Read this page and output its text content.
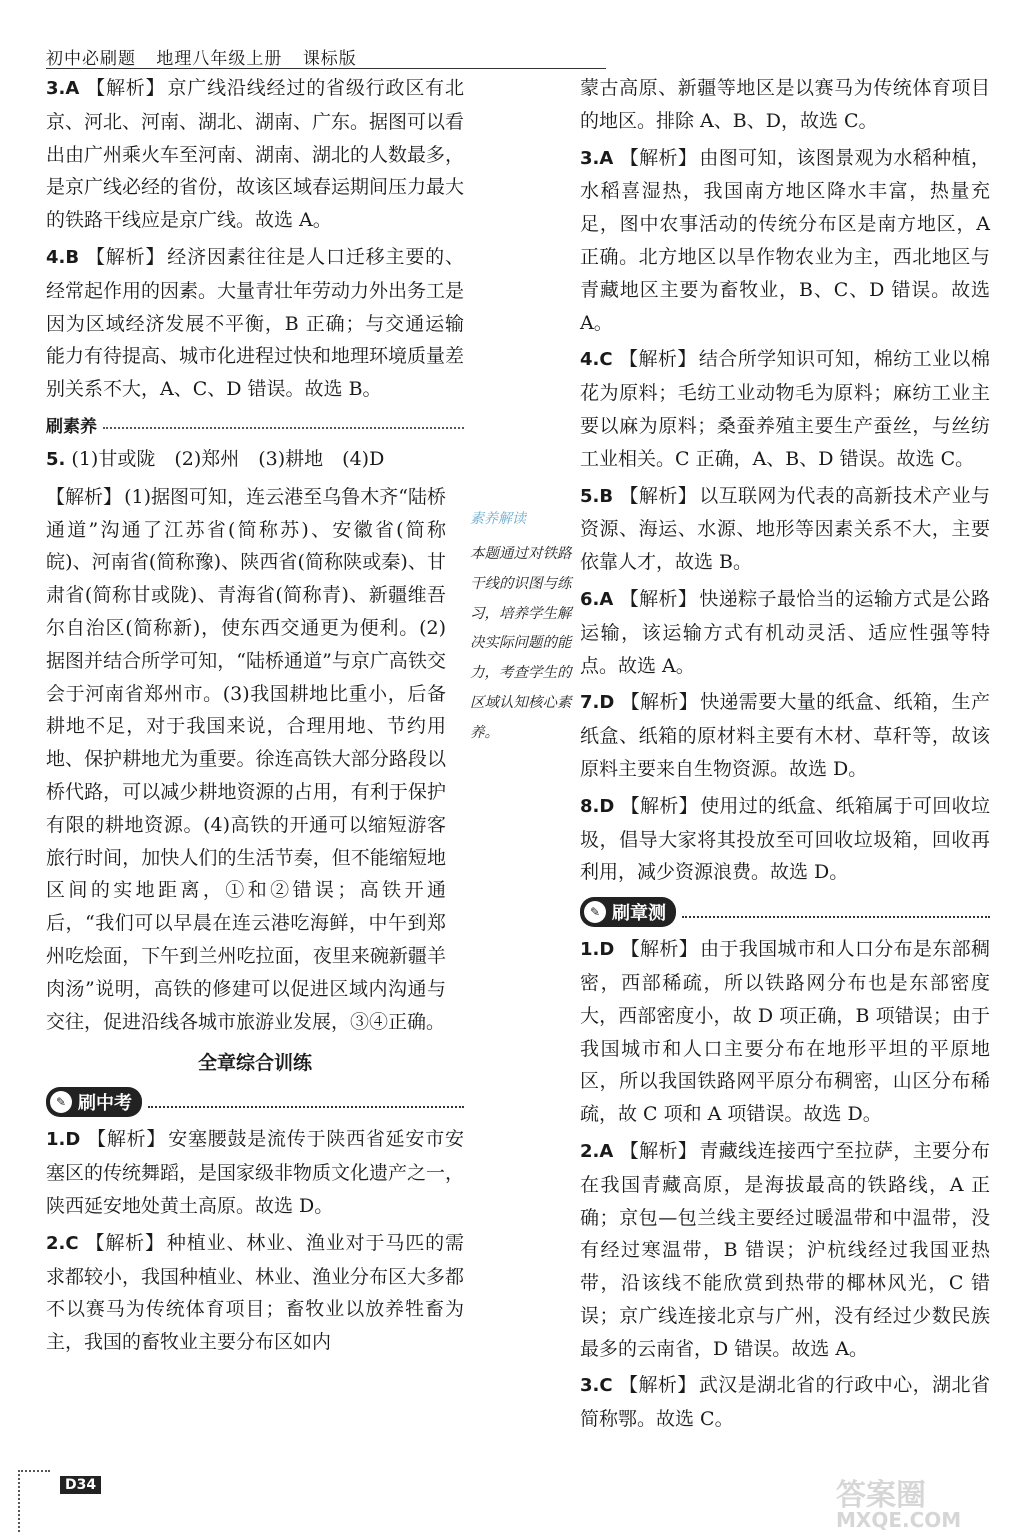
初中必刷题 地理八年级上册 课标版

3.A 【解析】 京广线沿线经过的省级行政区有北京、河北、河南、湖北、湖南、广东。据图可以看出由广州乘火车至河南、湖南、湖北的人数最多，是京广线必经的省份，故该区域春运期间压力最大的铁路干线应是京广线。故选 A。

4.B 【解析】 经济因素往往是人口迁移主要的、经常起作用的因素。大量青壮年劳动力外出务工是因为区域经济发展不平衡，B 正确；与交通运输能力有待提高、城市化进程过快和地理环境质量差别关系不大，A、C、D 错误。故选 B。

刷素养

5. (1)甘或陇　(2)郑州　(3)耕地　(4)D

【解析】 (1)据图可知，连云港至乌鲁木齐“陆桥通道”沟通了江苏省(简称苏)、安徽省(简称皖)、河南省(简称豫)、陕西省(简称陕或秦)、甘肃省(简称甘或陇)、青海省(简称青)、新疆维吾尔自治区(简称新)，使东西交通更为便利。(2)据图并结合所学可知，“陆桥通道”与京广高铁交会于河南省郑州市。(3)我国耕地比重小，后备耕地不足，对于我国来说，合理用地、节约用地、保护耕地尤为重要。徐连高铁大部分路段以桥代路，可以减少耕地资源的占用，有利于保护有限的耕地资源。(4)高铁的开通可以缩短游客旅行时间，加快人们的生活节奏，但不能缩短地区间的实地距离，①和②错误；高铁开通后，“我们可以早晨在连云港吃海鲜，中午到郑州吃烩面，下午到兰州吃拉面，夜里来碗新疆羊肉汤”说明，高铁的修建可以促进区域内沟通与交往，促进沿线各城市旅游业发展，③④正确。

全章综合训练
✎ 刷中考

1.D 【解析】 安塞腰鼓是流传于陕西省延安市安塞区的传统舞蹈，是国家级非物质文化遗产之一，陕西延安地处黄土高原。故选 D。

2.C 【解析】 种植业、林业、渔业对于马匹的需求都较小，我国种植业、林业、渔业分布区大多都不以赛马为传统体育项目；畜牧业以放养牲畜为主，我国的畜牧业主要分布区如内

素养解读
本题通过对铁路干线的识图与练习，培养学生解决实际问题的能力，考查学生的区域认知核心素养。

蒙古高原、新疆等地区是以赛马为传统体育项目的地区。排除 A、B、D，故选 C。

3.A 【解析】 由图可知，该图景观为水稻种植，水稻喜湿热，我国南方地区降水丰富，热量充足，图中农事活动的传统分布区是南方地区，A 正确。北方地区以旱作物农业为主，西北地区与青藏地区主要为畜牧业，B、C、D 错误。故选 A。

4.C 【解析】 结合所学知识可知，棉纺工业以棉花为原料；毛纺工业动物毛为原料；麻纺工业主要以麻为原料；桑蚕养殖主要生产蚕丝，与丝纺工业相关。C 正确，A、B、D 错误。故选 C。

5.B 【解析】 以互联网为代表的高新技术产业与资源、海运、水源、地形等因素关系不大，主要依靠人才，故选 B。

6.A 【解析】 快递粽子最恰当的运输方式是公路运输，该运输方式有机动灵活、适应性强等特点。故选 A。

7.D 【解析】 快递需要大量的纸盒、纸箱，生产纸盒、纸箱的原材料主要有木材、草秆等，故该原料主要来自生物资源。故选 D。

8.D 【解析】 使用过的纸盒、纸箱属于可回收垃圾，倡导大家将其投放至可回收垃圾箱，回收再利用，减少资源浪费。故选 D。

✎ 刷章测

1.D 【解析】 由于我国城市和人口分布是东部稠密，西部稀疏，所以铁路网分布也是东部密度大，西部密度小，故 D 项正确，B 项错误；由于我国城市和人口主要分布在地形平坦的平原地区，所以我国铁路网平原分布稠密，山区分布稀疏，故 C 项和 A 项错误。故选 D。

2.A 【解析】 青藏线连接西宁至拉萨，主要分布在我国青藏高原，是海拔最高的铁路线，A 正确；京包—包兰线主要经过暖温带和中温带，没有经过寒温带，B 错误；沪杭线经过我国亚热带，沿该线不能欣赏到热带的椰林风光，C 错误；京广线连接北京与广州，没有经过少数民族最多的云南省，D 错误。故选 A。

3.C 【解析】 武汉是湖北省的行政中心，湖北省简称鄂。故选 C。

D34	答案圈
MXQE.COM
